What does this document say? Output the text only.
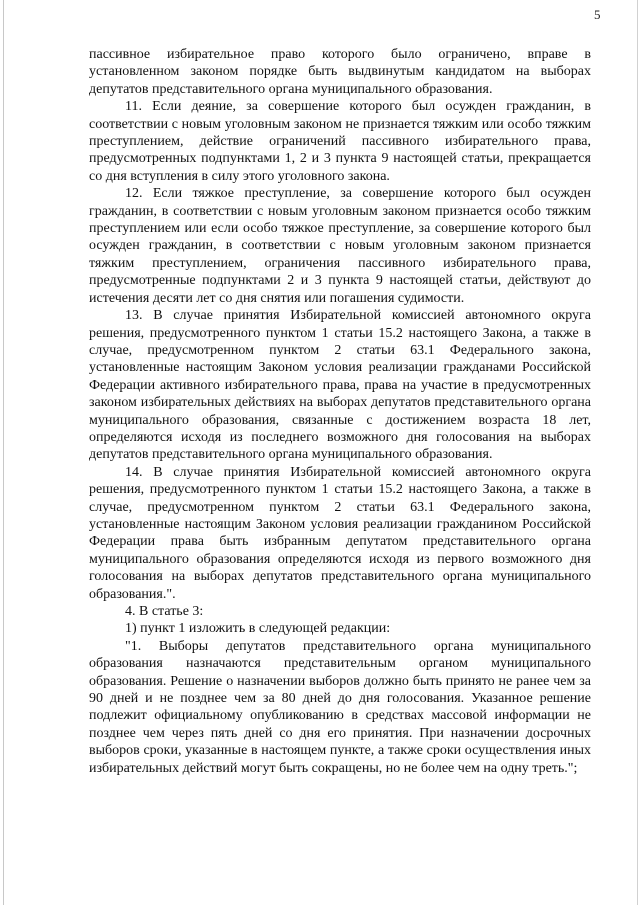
5

пассивное избирательное право которого было ограничено, вправе в установленном законом порядке быть выдвинутым кандидатом на выборах депутатов представительного органа муниципального образования.

11. Если деяние, за совершение которого был осужден гражданин, в соответствии с новым уголовным законом не признается тяжким или особо тяжким преступлением, действие ограничений пассивного избирательного права, предусмотренных подпунктами 1, 2 и 3 пункта 9 настоящей статьи, прекращается со дня вступления в силу этого уголовного закона.

12. Если тяжкое преступление, за совершение которого был осужден гражданин, в соответствии с новым уголовным законом признается особо тяжким преступлением или если особо тяжкое преступление, за совершение которого был осужден гражданин, в соответствии с новым уголовным законом признается тяжким преступлением, ограничения пассивного избирательного права, предусмотренные подпунктами 2 и 3 пункта 9 настоящей статьи, действуют до истечения десяти лет со дня снятия или погашения судимости.

13. В случае принятия Избирательной комиссией автономного округа решения, предусмотренного пунктом 1 статьи 15.2 настоящего Закона, а также в случае, предусмотренном пунктом 2 статьи 63.1 Федерального закона, установленные настоящим Законом условия реализации гражданами Российской Федерации активного избирательного права, права на участие в предусмотренных законом избирательных действиях на выборах депутатов представительного органа муниципального образования, связанные с достижением возраста 18 лет, определяются исходя из последнего возможного дня голосования на выборах депутатов представительного органа муниципального образования.

14. В случае принятия Избирательной комиссией автономного округа решения, предусмотренного пунктом 1 статьи 15.2 настоящего Закона, а также в случае, предусмотренном пунктом 2 статьи 63.1 Федерального закона, установленные настоящим Законом условия реализации гражданином Российской Федерации права быть избранным депутатом представительного органа муниципального образования определяются исходя из первого возможного дня голосования на выборах депутатов представительного органа муниципального образования.".

4. В статье 3:

1) пункт 1 изложить в следующей редакции:

"1. Выборы депутатов представительного органа муниципального образования назначаются представительным органом муниципального образования. Решение о назначении выборов должно быть принято не ранее чем за 90 дней и не позднее чем за 80 дней до дня голосования. Указанное решение подлежит официальному опубликованию в средствах массовой информации не позднее чем через пять дней со дня его принятия. При назначении досрочных выборов сроки, указанные в настоящем пункте, а также сроки осуществления иных избирательных действий могут быть сокращены, но не более чем на одну треть.";
